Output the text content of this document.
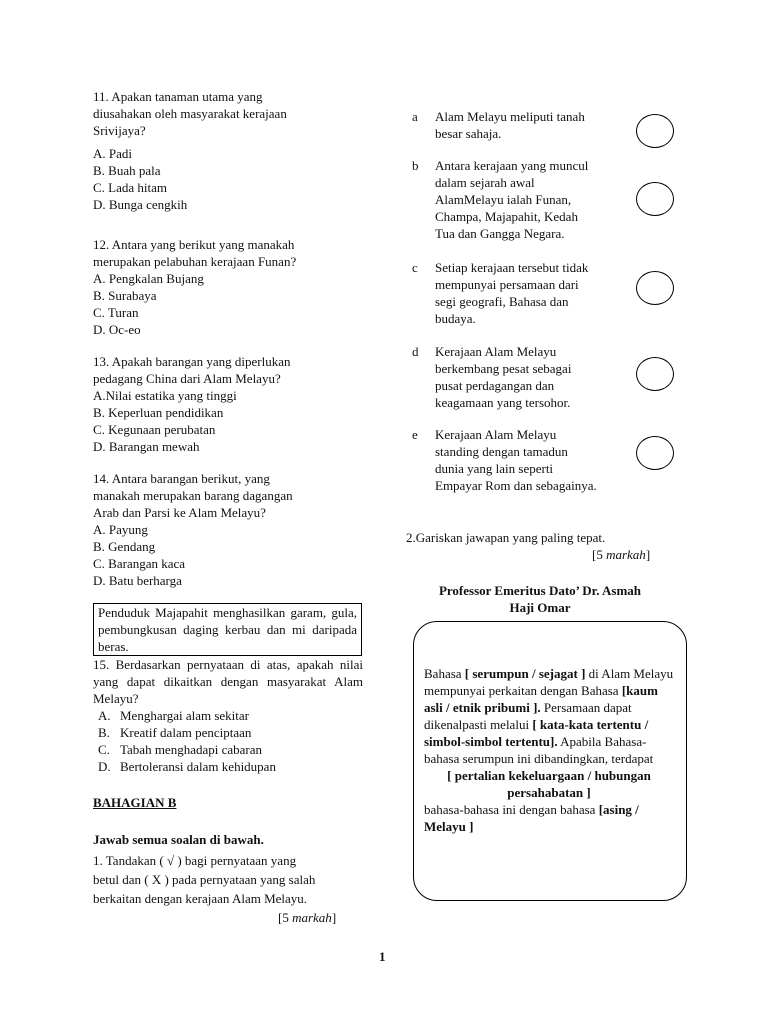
11. Apakan tanaman utama yang

diusahakan oleh masyarakat kerajaan

Srivijaya?

A. Padi

B. Buah pala

C. Lada hitam

D. Bunga cengkih

12. Antara yang berikut yang manakah

merupakan pelabuhan kerajaan Funan?

A. Pengkalan Bujang

B. Surabaya

C. Turan

D. Oc-eo

13. Apakah barangan yang diperlukan

pedagang China dari Alam Melayu?

A.Nilai estatika yang tinggi

B. Keperluan pendidikan

C. Kegunaan perubatan

D. Barangan mewah

14. Antara barangan berikut, yang

manakah merupakan barang dagangan

Arab dan Parsi ke Alam Melayu?

A. Payung

B. Gendang

C. Barangan kaca

D. Batu berharga

Penduduk Majapahit menghasilkan garam, gula, pembungkusan daging kerbau dan mi daripada beras.

15. Berdasarkan pernyataan di atas, apakah nilai yang dapat dikaitkan dengan masyarakat Alam Melayu?

A. Menghargai alam sekitar
B. Kreatif dalam penciptaan
C. Tabah menghadapi cabaran
D. Bertoleransi dalam kehidupan
BAHAGIAN B
Jawab semua soalan di bawah.
1. Tandakan ( √ ) bagi pernyataan yang
betul dan ( X ) pada pernyataan yang salah
berkaitan dengan kerajaan Alam Melayu.
[5 markah]
a Alam Melayu meliputi tanah
besar sahaja.
b Antara kerajaan yang muncul
dalam sejarah awal
AlamMelayu ialah Funan,
Champa, Majapahit, Kedah
Tua dan Gangga Negara.
c Setiap kerajaan tersebut tidak
mempunyai persamaan dari
segi geografi, Bahasa dan
budaya.
d Kerajaan Alam Melayu
berkembang pesat sebagai
pusat perdagangan dan
keagamaan yang tersohor.
e Kerajaan Alam Melayu
standing dengan tamadun
dunia yang lain seperti
Empayar Rom dan sebagainya.
2.Gariskan jawapan yang paling tepat.
[5 markah]
Professor Emeritus Dato’ Dr. Asmah
Haji Omar
Bahasa [ serumpun / sejagat ] di Alam Melayu mempunyai perkaitan dengan Bahasa [kaum asli / etnik pribumi ]. Persamaan dapat dikenalpasti melalui [ kata-kata tertentu / simbol-simbol tertentu]. Apabila Bahasa-bahasa serumpun ini dibandingkan, terdapat
[ pertalian kekeluargaan / hubungan persahabatan ]
bahasa-bahasa ini dengan bahasa [asing / Melayu ]
1
